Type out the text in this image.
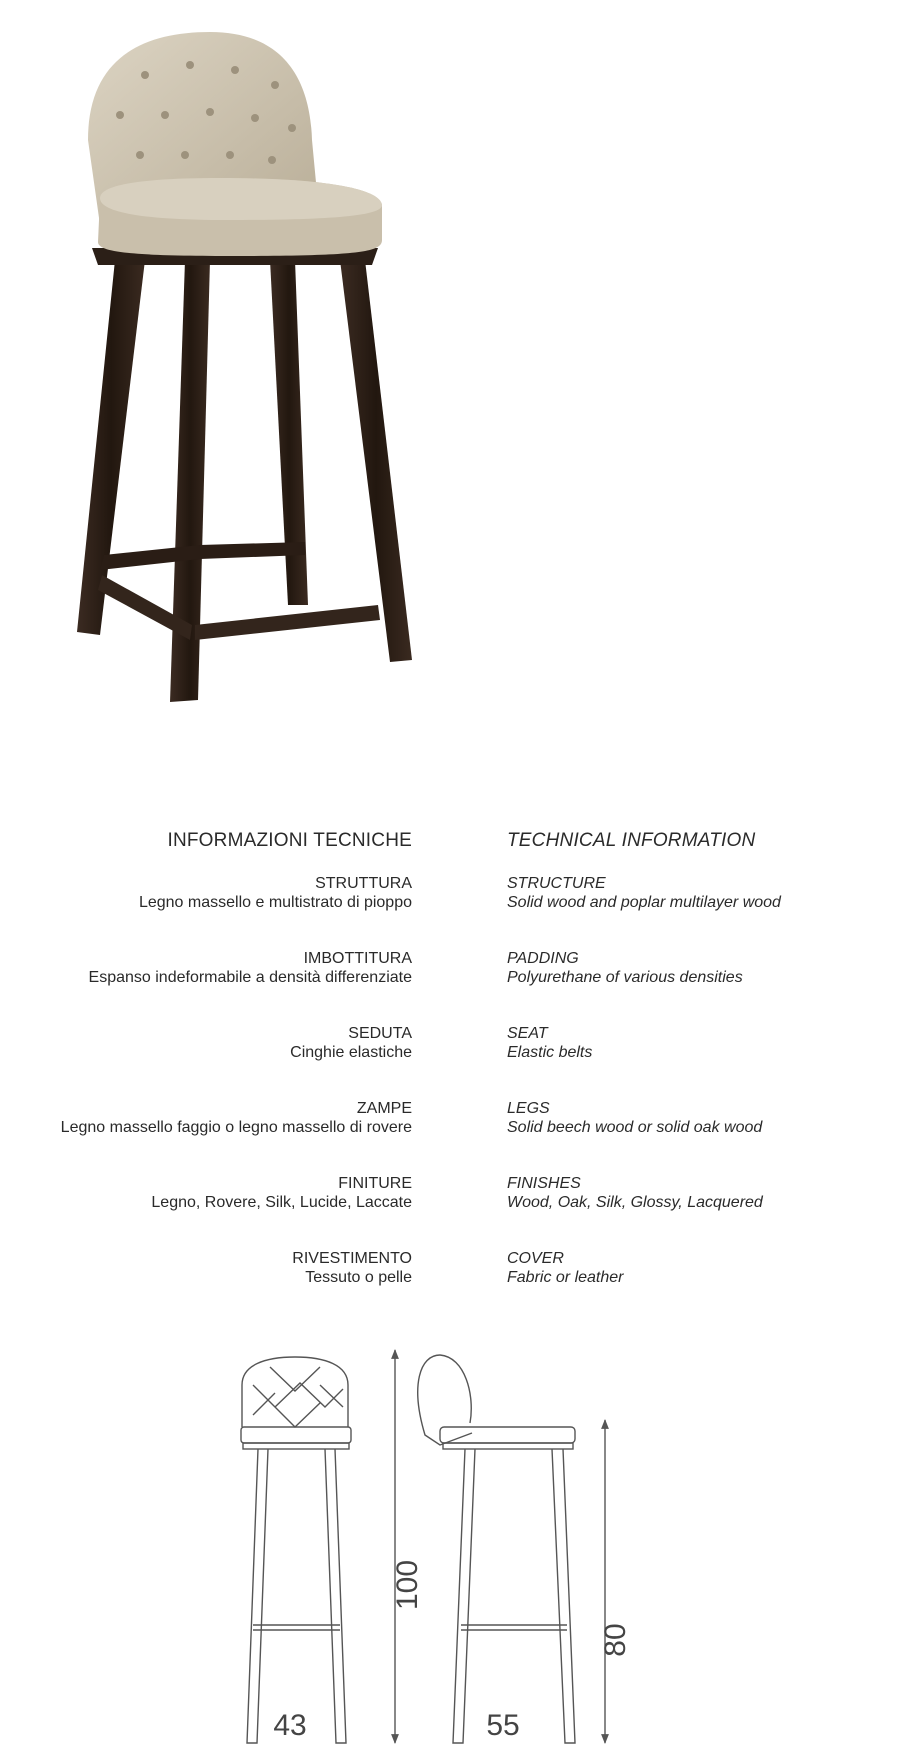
INFORMAZIONI TECNICHE
STRUTTURA
Legno massello e multistrato di pioppo
IMBOTTITURA
Espanso indeformabile a densità differenziate
SEDUTA
Cinghie elastiche
ZAMPE
Legno massello faggio o legno massello di rovere
FINITURE
Legno, Rovere, Silk, Lucide, Laccate
RIVESTIMENTO
Tessuto o pelle
TECHNICAL INFORMATION
STRUCTURE
Solid wood and poplar multilayer wood
PADDING
Polyurethane of various densities
SEAT
Elastic belts
LEGS
Solid beech wood or solid oak wood
FINISHES
Wood, Oak, Silk, Glossy, Lacquered
COVER
Fabric or leather
100
80
43	55
